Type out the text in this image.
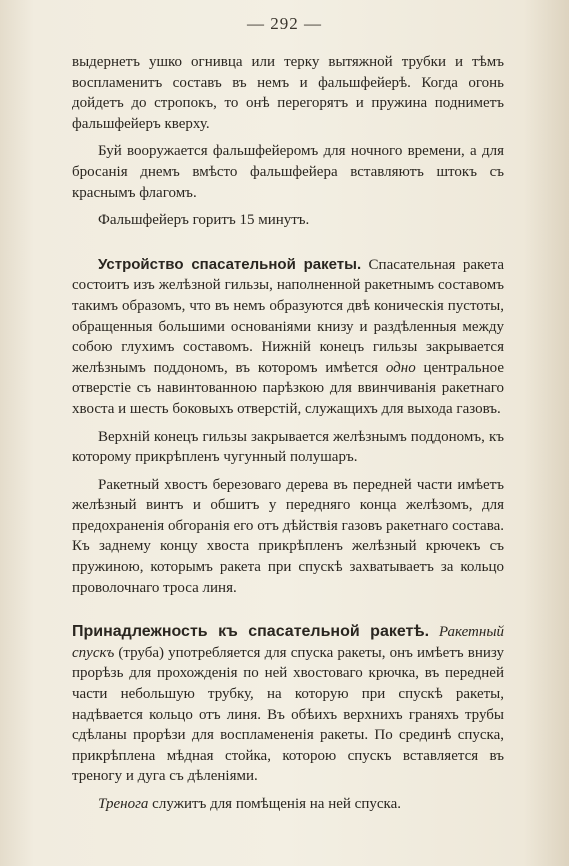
— 292 —

выдернетъ ушко огнивца или терку вытяжной трубки и тѣмъ воспламенитъ составъ въ немъ и фальшфейерѣ. Когда огонь дойдетъ до стропокъ, то онѣ перегорятъ и пружина подниметъ фальшфейеръ кверху.

Буй вооружается фальшфейеромъ для ночного времени, а для бросанія днемъ вмѣсто фальшфейера вставляютъ штокъ съ краснымъ флагомъ.

Фальшфейеръ горитъ 15 минутъ.

Устройство спасательной ракеты. Спасательная ракета состоитъ изъ желѣзной гильзы, наполненной ракетнымъ составомъ такимъ образомъ, что въ немъ образуются двѣ коническія пустоты, обращенныя большими основаніями книзу и раздѣленныя между собою глухимъ составомъ. Нижній конецъ гильзы закрывается желѣзнымъ поддономъ, въ которомъ имѣется одно центральное отверстіе съ навинтованною парѣзкою для ввинчиванія ракетнаго хвоста и шесть боковыхъ отверстій, служащихъ для выхода газовъ.

Верхній конецъ гильзы закрывается желѣзнымъ поддономъ, къ которому прикрѣпленъ чугунный полушаръ.

Ракетный хвостъ березоваго дерева въ передней части имѣетъ желѣзный винтъ и обшитъ у передняго конца желѣзомъ, для предохраненія обгоранія его отъ дѣйствія газовъ ракетнаго состава. Къ заднему концу хвоста прикрѣпленъ желѣзный крючекъ съ пружиною, которымъ ракета при спускѣ захватываетъ за кольцо проволочнаго троса линя.

Принадлежность къ спасательной ракетѣ. Ракетный спускъ (труба) употребляется для спуска ракеты, онъ имѣетъ внизу прорѣзь для прохожденія по ней хвостоваго крючка, въ передней части небольшую трубку, на которую при спускѣ ракеты, надѣвается кольцо отъ линя. Въ обѣихъ верхнихъ граняхъ трубы сдѣланы прорѣзи для воспламененія ракеты. По срединѣ спуска, прикрѣплена мѣдная стойка, которою спускъ вставляется въ треногу и дуга съ дѣленіями.

Тренога служитъ для помѣщенія на ней спуска.
